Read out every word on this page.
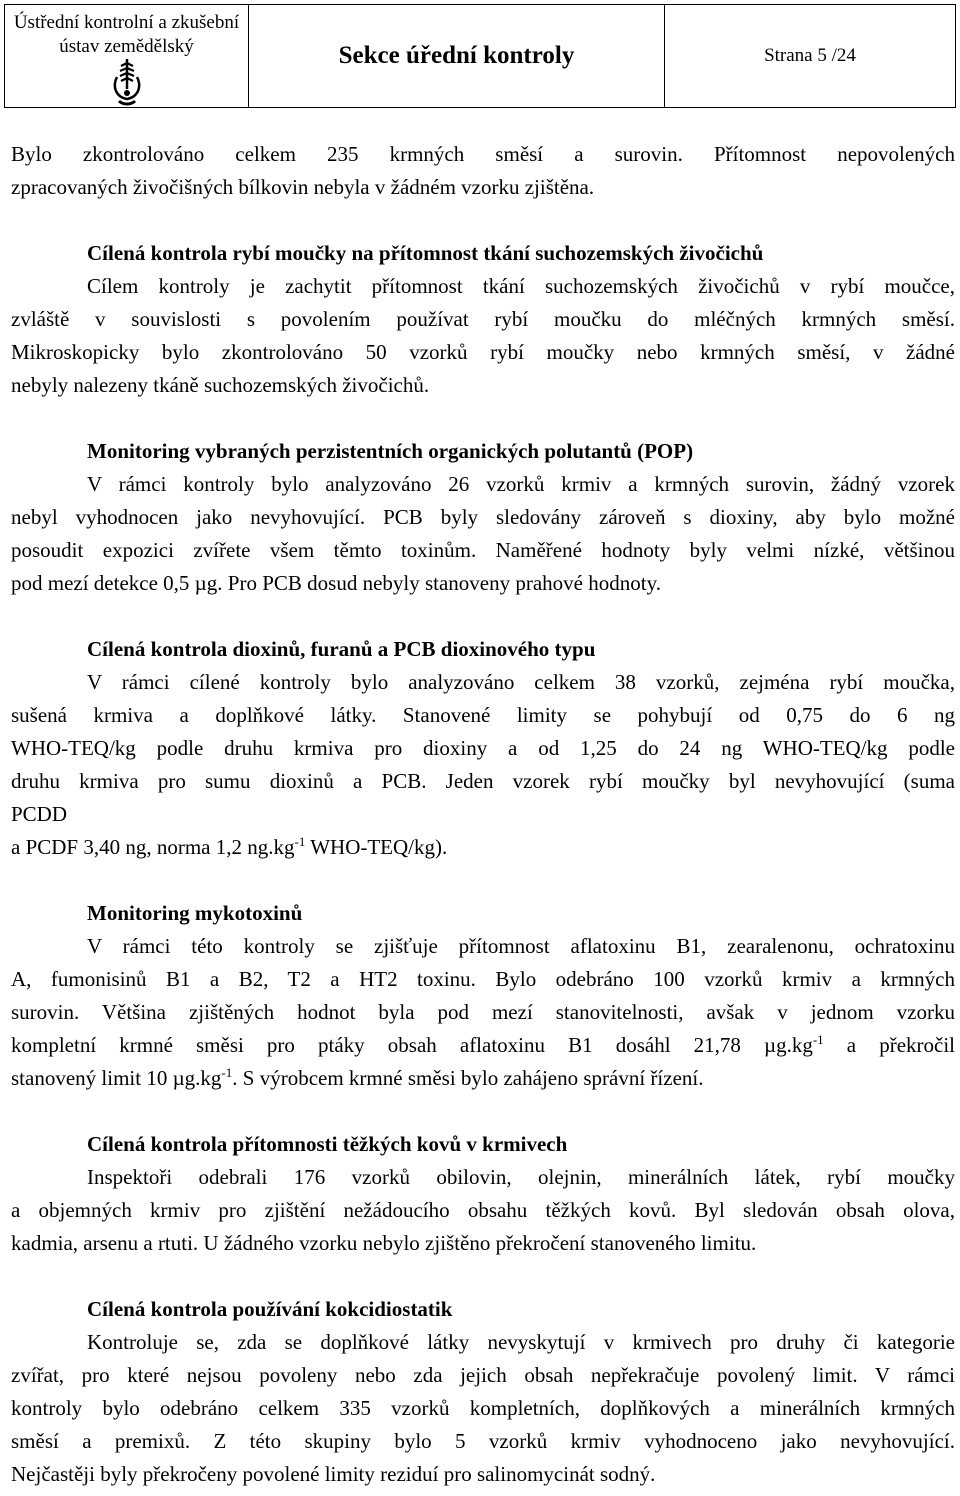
Ústřední kontrolní a zkušební
ústav zemědělský	Sekce úřední kontroly	Strana 5 /24

Bylo zkontrolováno celkem 235 krmných směsí a surovin. Přítomnost nepovolených

zpracovaných živočišných bílkovin nebyla v žádném vzorku zjištěna.

Cílená kontrola rybí moučky na přítomnost tkání suchozemských živočichů

Cílem kontroly je zachytit přítomnost tkání suchozemských živočichů v rybí moučce,

zvláště v souvislosti s povolením používat rybí moučku do mléčných krmných směsí.

Mikroskopicky bylo zkontrolováno 50 vzorků rybí moučky nebo krmných směsí, v žádné

nebyly nalezeny tkáně suchozemských živočichů.

Monitoring vybraných perzistentních organických polutantů (POP)

V rámci kontroly bylo analyzováno 26 vzorků krmiv a krmných surovin, žádný vzorek

nebyl vyhodnocen jako nevyhovující. PCB byly sledovány zároveň s dioxiny, aby bylo možné

posoudit expozici zvířete všem těmto toxinům. Naměřené hodnoty byly velmi nízké, většinou

pod mezí detekce 0,5 µg. Pro PCB dosud nebyly stanoveny prahové hodnoty.

Cílená kontrola dioxinů, furanů a PCB dioxinového typu

V rámci cílené kontroly bylo analyzováno celkem 38 vzorků, zejména rybí moučka,

sušená krmiva a doplňkové látky. Stanovené limity se pohybují od 0,75 do 6 ng

WHO-TEQ/kg podle druhu krmiva pro dioxiny a od 1,25 do 24 ng WHO-TEQ/kg podle

druhu krmiva pro sumu dioxinů a PCB. Jeden vzorek rybí moučky byl nevyhovující (suma

PCDD

a PCDF 3,40 ng, norma 1,2 $ng.kg^{-1}$ WHO-TEQ/kg).

Monitoring mykotoxinů

V rámci této kontroly se zjišťuje přítomnost aflatoxinu B1, zearalenonu, ochratoxinu

A, fumonisinů B1 a B2, T2 a HT2 toxinu. Bylo odebráno 100 vzorků krmiv a krmných

surovin. Většina zjištěných hodnot byla pod mezí stanovitelnosti, avšak v jednom vzorku

kompletní krmné směsi pro ptáky obsah aflatoxinu B1 dosáhl 21,78 $\mu g.kg^{-1}$ a překročil

stanovený limit 10 $\mu g.kg^{-1}$. S výrobcem krmné směsi bylo zahájeno správní řízení.

Cílená kontrola přítomnosti těžkých kovů v krmivech

Inspektoři odebrali 176 vzorků obilovin, olejnin, minerálních látek, rybí moučky

a objemných krmiv pro zjištění nežádoucího obsahu těžkých kovů. Byl sledován obsah olova,

kadmia, arsenu a rtuti. U žádného vzorku nebylo zjištěno překročení stanoveného limitu.

Cílená kontrola používání kokcidiostatik

Kontroluje se, zda se doplňkové látky nevyskytují v krmivech pro druhy či kategorie

zvířat, pro které nejsou povoleny nebo zda jejich obsah nepřekračuje povolený limit. V rámci

kontroly bylo odebráno celkem 335 vzorků kompletních, doplňkových a minerálních krmných

směsí a premixů. Z této skupiny bylo 5 vzorků krmiv vyhodnoceno jako nevyhovující.

Nejčastěji byly překročeny povolené limity reziduí pro salinomycinát sodný.
